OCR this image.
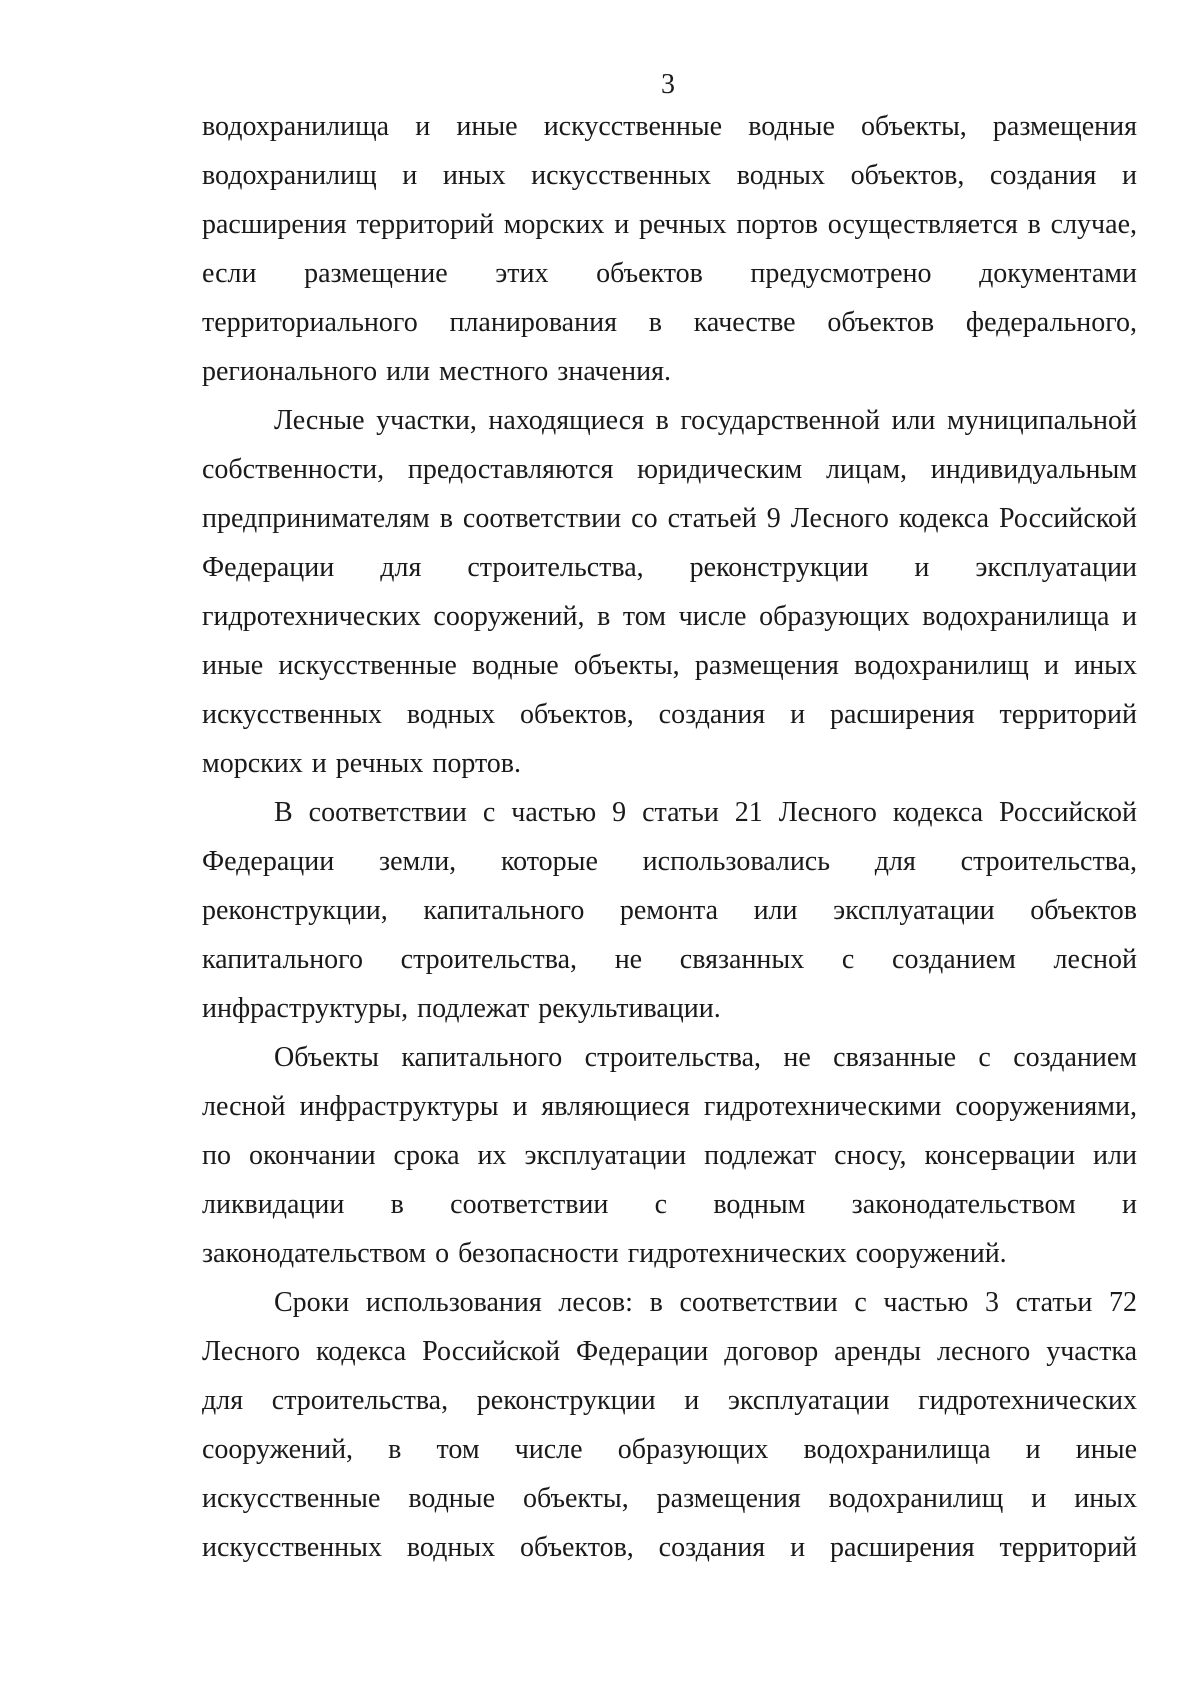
3

водохранилища и иные искусственные водные объекты, размещения

водохранилищ и иных искусственных водных объектов, создания и

расширения территорий морских и речных портов осуществляется в случае,

если размещение этих объектов предусмотрено документами

территориального планирования в качестве объектов федерального,

регионального или местного значения.

Лесные участки, находящиеся в государственной или муниципальной

собственности, предоставляются юридическим лицам, индивидуальным

предпринимателям в соответствии со статьей 9 Лесного кодекса Российской

Федерации для строительства, реконструкции и эксплуатации

гидротехнических сооружений, в том числе образующих водохранилища и

иные искусственные водные объекты, размещения водохранилищ и иных

искусственных водных объектов, создания и расширения территорий

морских и речных портов.

В соответствии с частью 9 статьи 21 Лесного кодекса Российской

Федерации земли, которые использовались для строительства,

реконструкции, капитального ремонта или эксплуатации объектов

капитального строительства, не связанных с созданием лесной

инфраструктуры, подлежат рекультивации.

Объекты капитального строительства, не связанные с созданием

лесной инфраструктуры и являющиеся гидротехническими сооружениями,

по окончании срока их эксплуатации подлежат сносу, консервации или

ликвидации в соответствии с водным законодательством и

законодательством о безопасности гидротехнических сооружений.

Сроки использования лесов: в соответствии с частью 3 статьи 72

Лесного кодекса Российской Федерации договор аренды лесного участка

для строительства, реконструкции и эксплуатации гидротехнических

сооружений, в том числе образующих водохранилища и иные

искусственные водные объекты, размещения водохранилищ и иных

искусственных водных объектов, создания и расширения территорий
